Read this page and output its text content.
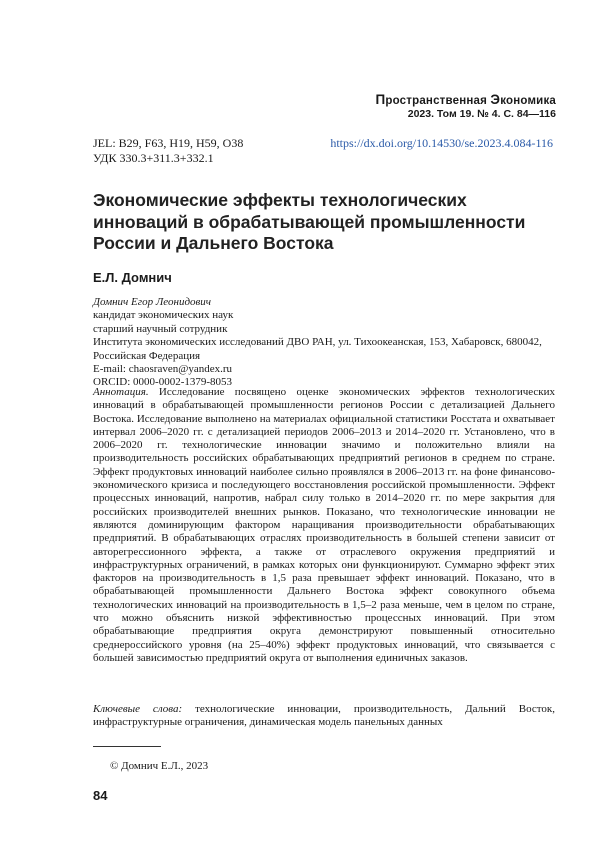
Пространственная Экономика
2023. Том 19. № 4. С. 84—116
JEL: B29, F63, H19, H59, O38	https://dx.doi.org/10.14530/se.2023.4.084-116
УДК 330.3+311.3+332.1
Экономические эффекты технологических инноваций в обрабатывающей промышленности России и Дальнего Востока
Е.Л. Домнич
Домнич Егор Леонидович
кандидат экономических наук
старший научный сотрудник
Института экономических исследований ДВО РАН, ул. Тихоокеанская, 153, Хабаровск, 680042, Российская Федерация
E-mail: chaosraven@yandex.ru
ORCID: 0000-0002-1379-8053

Аннотация. Исследование посвящено оценке экономических эффектов технологических инноваций в обрабатывающей промышленности регионов России с детализацией Дальнего Востока. Исследование выполнено на материалах официальной статистики Росстата и охватывает интервал 2006–2020 гг. с детализацией периодов 2006–2013 и 2014–2020 гг. Установлено, что в 2006–2020 гг. технологические инновации значимо и положительно влияли на производительность российских обрабатывающих предприятий регионов в среднем по стране. Эффект продуктовых инноваций наиболее сильно проявлялся в 2006–2013 гг. на фоне финансово-экономического кризиса и последующего восстановления российской промышленности. Эффект процессных инноваций, напротив, набрал силу только в 2014–2020 гг. по мере закрытия для российских производителей внешних рынков. Показано, что технологические инновации не являются доминирующим фактором наращивания производительности обрабатывающих предприятий. В обрабатывающих отраслях производительность в большей степени зависит от авторегрессионного эффекта, а также от отраслевого окружения предприятий и инфраструктурных ограничений, в рамках которых они функционируют. Суммарно эффект этих факторов на производительность в 1,5 раза превышает эффект инноваций. Показано, что в обрабатывающей промышленности Дальнего Востока эффект совокупного объема технологических инноваций на производительность в 1,5–2 раза меньше, чем в целом по стране, что можно объяснить низкой эффективностью процессных инноваций. При этом обрабатывающие предприятия округа демонстрируют повышенный относительно среднероссийского уровня (на 25–40%) эффект продуктовых инноваций, что связывается с большей зависимостью предприятий округа от выполнения единичных заказов.

Ключевые слова: технологические инновации, производительность, Дальний Восток, инфраструктурные ограничения, динамическая модель панельных данных

© Домнич Е.Л., 2023
84
